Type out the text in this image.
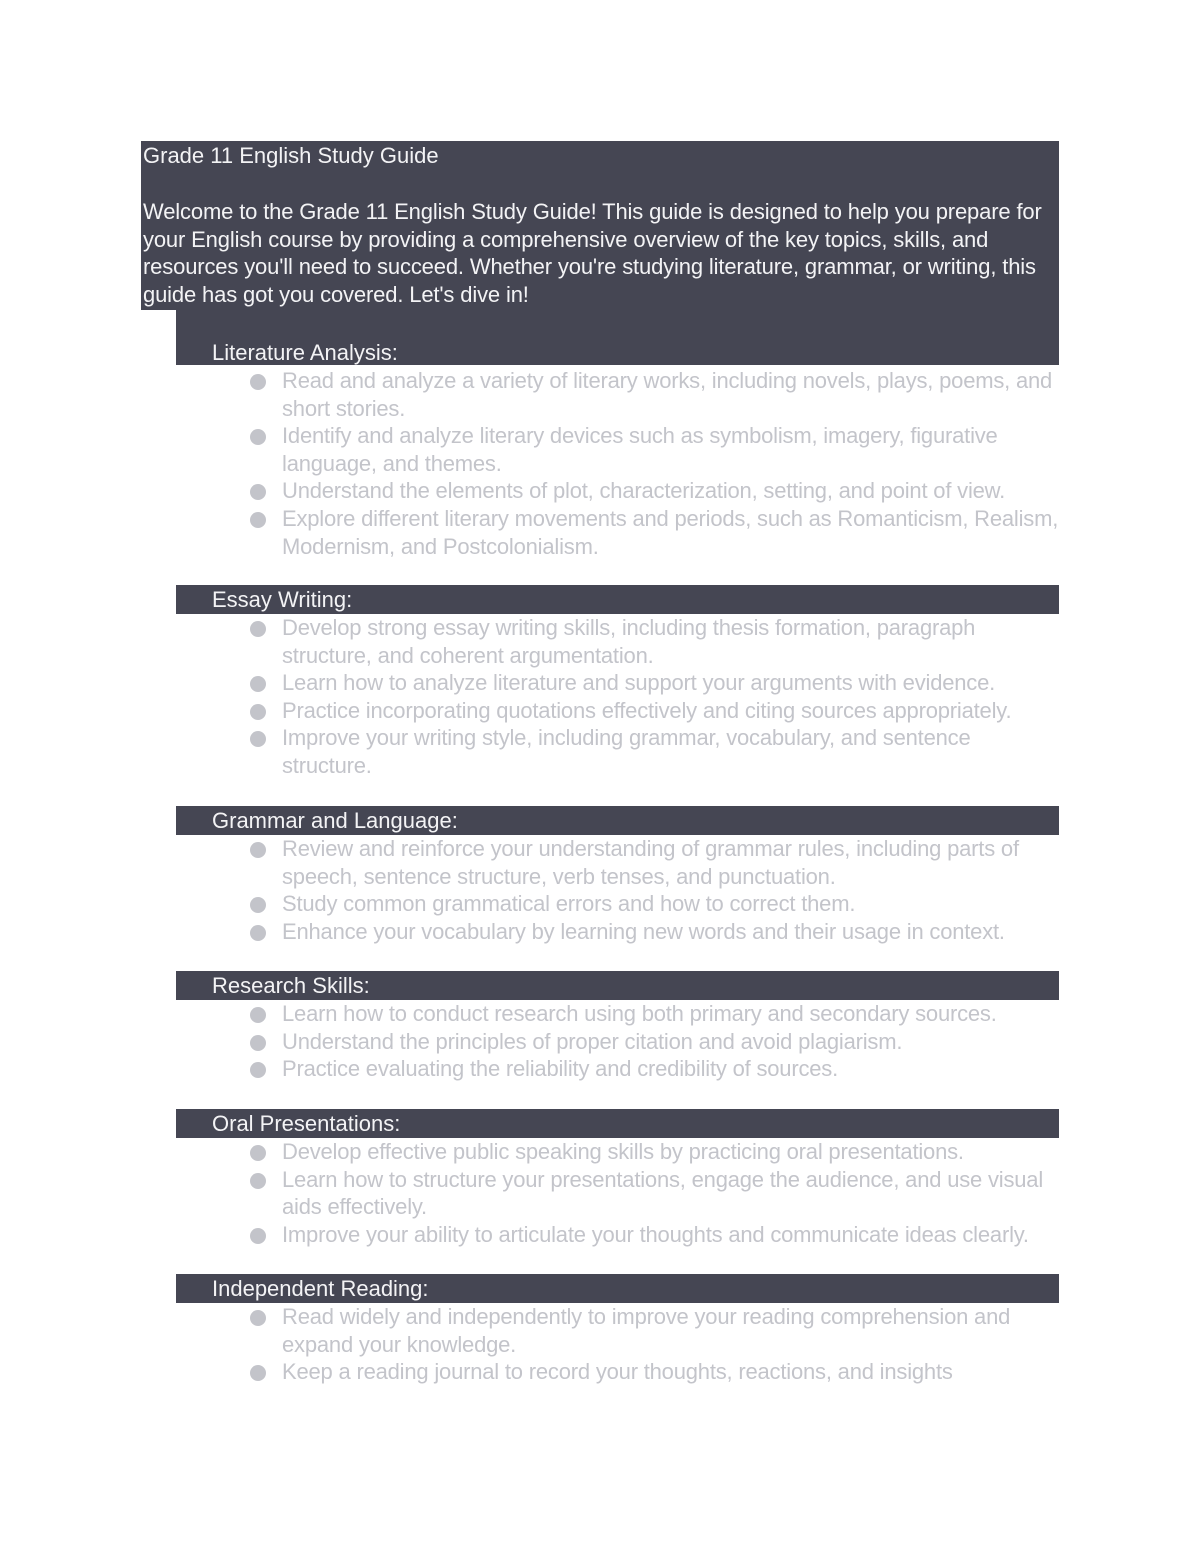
Grade 11 English Study Guide

Welcome to the Grade 11 English Study Guide! This guide is designed to help you prepare for your English course by providing a comprehensive overview of the key topics, skills, and resources you'll need to succeed. Whether you're studying literature, grammar, or writing, this guide has got you covered. Let's dive in!

Literature Analysis:
Read and analyze a variety of literary works, including novels, plays, poems, and short stories.
Identify and analyze literary devices such as symbolism, imagery, figurative language, and themes.
Understand the elements of plot, characterization, setting, and point of view.
Explore different literary movements and periods, such as Romanticism, Realism, Modernism, and Postcolonialism.
Essay Writing:
Develop strong essay writing skills, including thesis formation, paragraph structure, and coherent argumentation.
Learn how to analyze literature and support your arguments with evidence.
Practice incorporating quotations effectively and citing sources appropriately.
Improve your writing style, including grammar, vocabulary, and sentence structure.
Grammar and Language:
Review and reinforce your understanding of grammar rules, including parts of speech, sentence structure, verb tenses, and punctuation.
Study common grammatical errors and how to correct them.
Enhance your vocabulary by learning new words and their usage in context.
Research Skills:
Learn how to conduct research using both primary and secondary sources.
Understand the principles of proper citation and avoid plagiarism.
Practice evaluating the reliability and credibility of sources.
Oral Presentations:
Develop effective public speaking skills by practicing oral presentations.
Learn how to structure your presentations, engage the audience, and use visual aids effectively.
Improve your ability to articulate your thoughts and communicate ideas clearly.
Independent Reading:
Read widely and independently to improve your reading comprehension and expand your knowledge.
Keep a reading journal to record your thoughts, reactions, and insights
